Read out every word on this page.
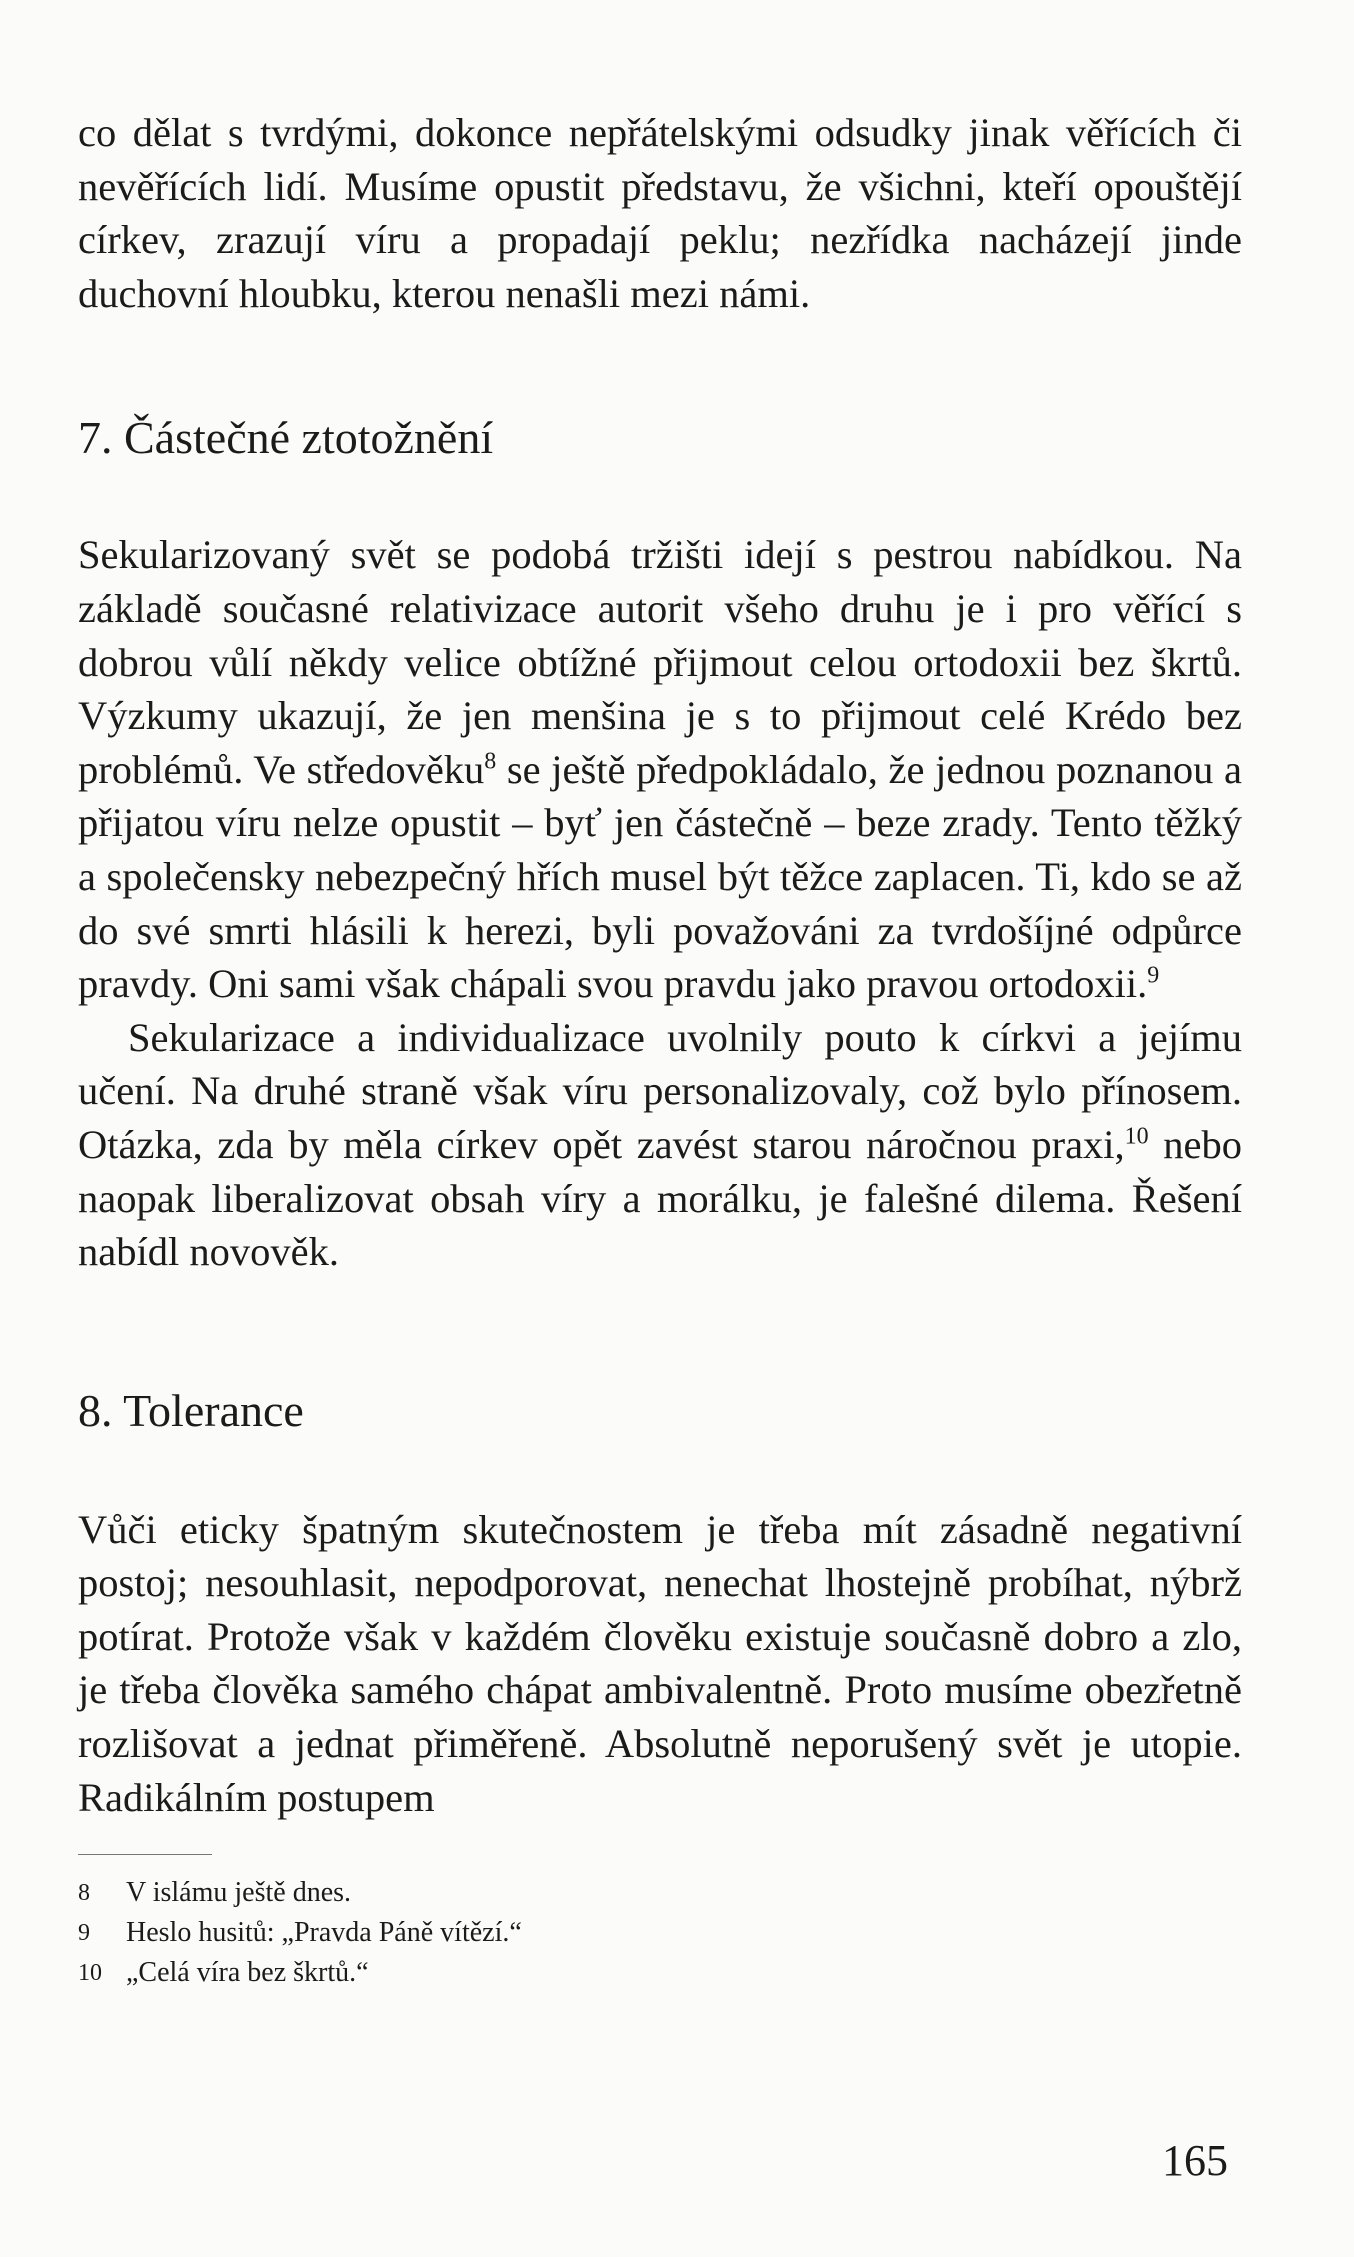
co dělat s tvrdými, dokonce nepřátelskými odsudky jinak věřících či nevěřících lidí. Musíme opustit představu, že všichni, kteří opouštějí církev, zrazují víru a propadají peklu; nezřídka nacházejí jinde duchovní hloubku, kterou nenašli mezi námi.

7. Částečné ztotožnění

Sekularizovaný svět se podobá tržišti idejí s pestrou nabídkou. Na základě současné relativizace autorit všeho druhu je i pro věřící s dobrou vůlí někdy velice obtížné přijmout celou ortodoxii bez škrtů. Výzkumy ukazují, že jen menšina je s to přijmout celé Krédo bez problémů. Ve středověku$^8$ se ještě předpokládalo, že jednou poznanou a přijatou víru nelze opustit – byť jen částečně – beze zrady. Tento těžký a společensky nebezpečný hřích musel být těžce zaplacen. Ti, kdo se až do své smrti hlásili k herezi, byli považováni za tvrdošíjné odpůrce pravdy. Oni sami však chápali svou pravdu jako pravou ortodoxii.$^9$

Sekularizace a individualizace uvolnily pouto k církvi a jejímu učení. Na druhé straně však víru personalizovaly, což bylo přínosem. Otázka, zda by měla církev opět zavést starou náročnou praxi,$^{10}$ nebo naopak liberalizovat obsah víry a morálku, je falešné dilema. Řešení nabídl novověk.

8. Tolerance

Vůči eticky špatným skutečnostem je třeba mít zásadně negativní postoj; nesouhlasit, nepodporovat, nenechat lhostejně probíhat, nýbrž potírat. Protože však v každém člověku existuje současně dobro a zlo, je třeba člověka samého chápat ambivalentně. Proto musíme obezřetně rozlišovat a jednat přiměřeně. Absolutně neporušený svět je utopie. Radikálním postupem

8	V islámu ještě dnes.
9	Heslo husitů: „Pravda Páně vítězí.“
10 „Celá víra bez škrtů.“
165
